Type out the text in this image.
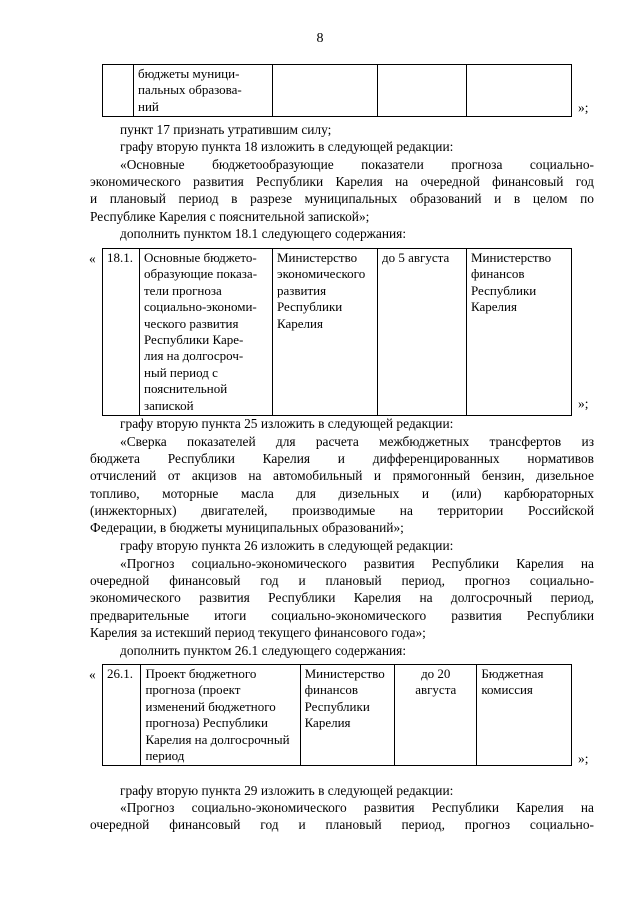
8
	бюджеты муници-
пальных образова-
ний				»;

пункт 17 признать утратившим силу;

графу вторую пункта 18 изложить в следующей редакции:

«Основные бюджетообразующие показатели прогноза социально-
экономического развития Республики Карелия на очередной финансовый год
и плановый период в разрезе муниципальных образований и в целом по
Республике Карелия с пояснительной запиской»;

дополнить пунктом 18.1 следующего содержания:

« 18.1.	Основные бюджето-
образующие показа-
тели прогноза
социально-экономи-
ческого развития
Республики Каре-
лия на долгосроч-
ный период с
пояснительной
запиской	Министерство
экономического
развития
Республики
Карелия	до 5 августа	Министерство
финансов
Республики
Карелия
»;

графу вторую пункта 25 изложить в следующей редакции:

«Сверка показателей для расчета межбюджетных трансфертов из
бюджета Республики Карелия и дифференцированных нормативов
отчислений от акцизов на автомобильный и прямогонный бензин, дизельное
топливо, моторные масла для дизельных и (или) карбюраторных
(инжекторных) двигателей, производимые на территории Российской
Федерации, в бюджеты муниципальных образований»;

графу вторую пункта 26 изложить в следующей редакции:

«Прогноз социально-экономического развития Республики Карелия на
очередной финансовый год и плановый период, прогноз социально-
экономического развития Республики Карелия на долгосрочный период,
предварительные итоги социально-экономического развития Республики
Карелия за истекший период текущего финансового года»;

дополнить пунктом 26.1 следующего содержания:

« 26.1.	Проект бюджетного
прогноза (проект
изменений бюджетного
прогноза) Республики
Карелия на долгосрочный
период	Министерство
финансов
Республики
Карелия	до 20
августа	Бюджетная
комиссия
»;

графу вторую пункта 29 изложить в следующей редакции:

«Прогноз социально-экономического развития Республики Карелия на
очередной финансовый год и плановый период, прогноз социально-
